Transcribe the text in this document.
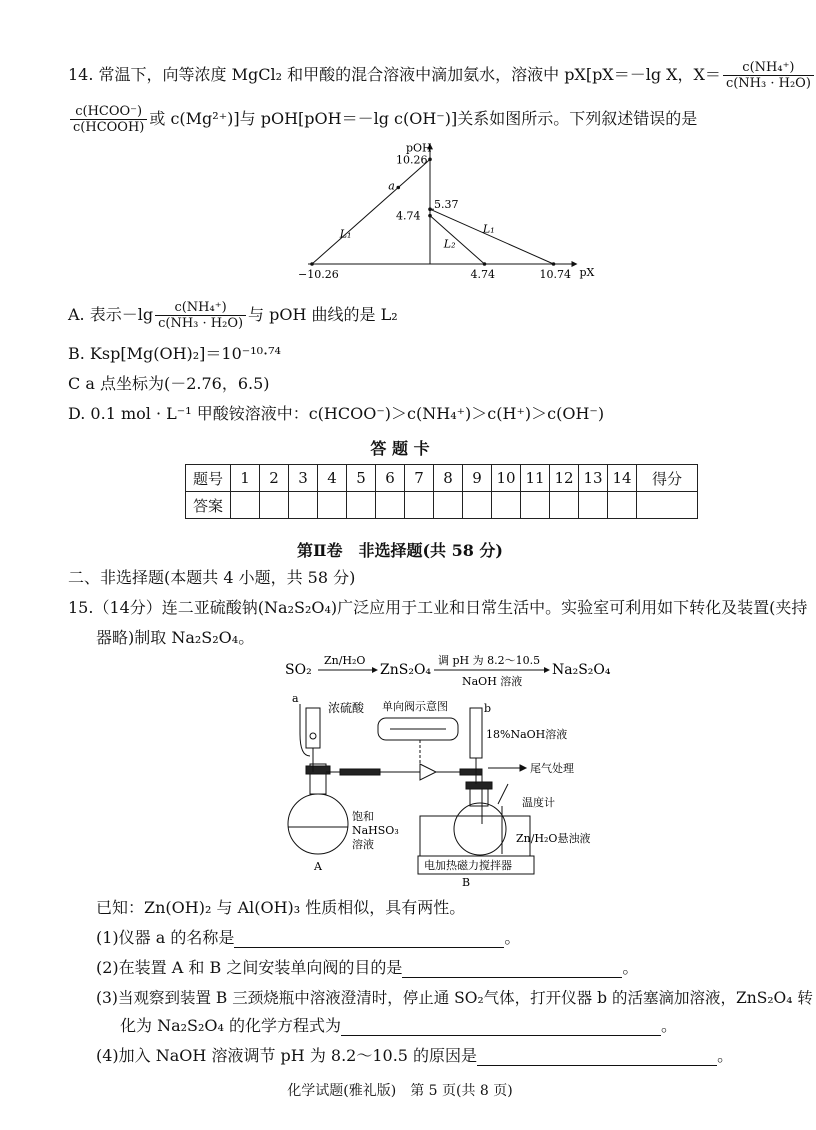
14. 常温下，向等浓度 MgCl₂ 和甲酸的混合溶液中滴加氨水，溶液中 pX[pX＝－lg X，$X= \frac{\text{c(NH₄⁺)}}{\text{c(NH₃ · H₂O)}}$
$\frac{\text{c(HCOO⁻)}}{\text{c(HCOOH)}}$ 或 c(Mg²⁺)]与 pOH[pOH＝－lg c(OH⁻)]关系如图所示。下列叙述错误的是
pOH
pX
L₁
L₂
L₁
10.26
5.37
4.74
−10.26	4.74	10.74
a
A. 表示$-\lg \frac{\text{c(NH₄⁺)}}{\text{c(NH₃ · H₂O)}}$ 与 pOH 曲线的是 L₂
B. Ksp[Mg(OH)₂]＝10⁻¹⁰·⁷⁴
C a 点坐标为(－2.76，6.5)
D. 0.1 mol · L⁻¹ 甲酸铵溶液中：c(HCOO⁻)＞c(NH₄⁺)＞c(H⁺)＞c(OH⁻)
答 题 卡
题号	1	2	3	4	5	6	7	8	9	10	11	12	13	14	得分
答案															
第Ⅱ卷　非选择题(共 58 分)
二、非选择题(本题共 4 小题，共 58 分)
15.（14分）连二亚硫酸钠(Na₂S₂O₄)广泛应用于工业和日常生活中。实验室可利用如下转化及装置(夹持
器略)制取 Na₂S₂O₄。
SO₂
Zn/H₂O
ZnS₂O₄
调 pH 为 8.2～10.5
NaOH 溶液
Na₂S₂O₄
a
浓硫酸 单向阀示意图	b
18%NaOH溶液
尾气处理
温度计
饱和
NaHSO₃
溶液	Zn/H₂O悬浊液
电加热磁力搅拌器
A
B
已知：Zn(OH)₂ 与 Al(OH)₃ 性质相似，具有两性。
(1)仪器 a 的名称是	。
(2)在装置 A 和 B 之间安装单向阀的目的是	。
(3)当观察到装置 B 三颈烧瓶中溶液澄清时，停止通 SO₂气体，打开仪器 b 的活塞滴加溶液，ZnS₂O₄ 转
化为 Na₂S₂O₄ 的化学方程式为	。
(4)加入 NaOH 溶液调节 pH 为 8.2～10.5 的原因是	。
化学试题(雅礼版)　第 5 页(共 8 页)
